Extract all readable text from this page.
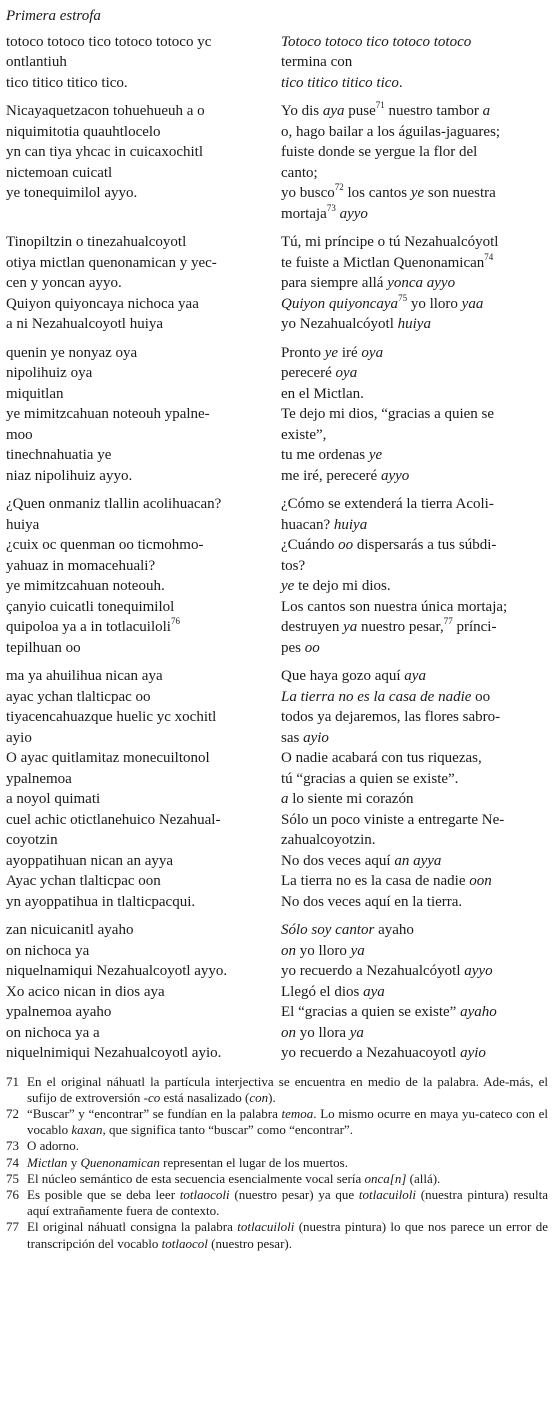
Primera estrofa
totoco totoco tico totoco totoco yc
ontlantiuh
tico titico titico tico.
Totoco totoco tico totoco totoco
termina con
tico titico titico tico.
Nicayaquetzacon tohuehueuh a o
niquimitotia quauhtlocelo
yn can tiya yhcac in cuicaxochitl
nictemoan cuicatl
ye tonequimilol ayyo.
Yo dis aya puse$^{71}$ nuestro tambor a
o, hago bailar a los águilas-jaguares;
fuiste donde se yergue la flor del
canto;
yo busco$^{72}$ los cantos ye son nuestra
mortaja$^{73}$ ayyo
Tinopiltzin o tinezahualcoyotl
otiya mictlan quenonamican y yec-
cen y yoncan ayyo.
Quiyon quiyoncaya nichoca yaa
a ni Nezahualcoyotl huiya
Tú, mi príncipe o tú Nezahualcóyotl
te fuiste a Mictlan Quenonamican$^{74}$
para siempre allá yonca ayyo
Quiyon quiyoncaya$^{75}$ yo lloro yaa
yo Nezahualcóyotl huiya
quenin ye nonyaz oya
nipolihuiz oya
miquitlan
ye mimitzcahuan noteouh ypalne-
moo
tinechnahuatia ye
niaz nipolihuiz ayyo.
Pronto ye iré oya
pereceré oya
en el Mictlan.
Te dejo mi dios, “gracias a quien se
existe”,
tu me ordenas ye
me iré, pereceré ayyo
¿Quen onmaniz tlallin acolihuacan?
huiya
¿cuix oc quenman oo ticmohmo-
yahuaz in momacehuali?
ye mimitzcahuan noteouh.
çanyio cuicatli tonequimilol
quipoloa ya a in totlacuiloli$^{76}$
tepilhuan oo
¿Cómo se extenderá la tierra Acoli-
huacan? huiya
¿Cuándo oo dispersarás a tus súbdi-
tos?
ye te dejo mi dios.
Los cantos son nuestra única mortaja;
destruyen ya nuestro pesar,$^{77}$ prínci-
pes oo
ma ya ahuilihua nican aya
ayac ychan tlalticpac oo
tiyacencahuazque huelic yc xochitl
ayio
O ayac quitlamitaz monecuiltonol
ypalnemoa
a noyol quimati
cuel achic otictlanehuico Nezahual-
coyotzin
ayoppatihuan nican an ayya
Ayac ychan tlalticpac oon
yn ayoppatihua in tlalticpacqui.
Que haya gozo aquí aya
La tierra no es la casa de nadie oo
todos ya dejaremos, las flores sabro-
sas ayio
O nadie acabará con tus riquezas,
tú “gracias a quien se existe”.
a lo siente mi corazón
Sólo un poco viniste a entregarte Ne-
zahualcoyotzin.
No dos veces aquí an ayya
La tierra no es la casa de nadie oon
No dos veces aquí en la tierra.
zan nicuicanitl ayaho
on nichoca ya
niquelnamiqui Nezahualcoyotl ayyo.
Xo acico nican in dios aya
ypalnemoa ayaho
on nichoca ya a
niquelnimiqui Nezahualcoyotl ayio.
Sólo soy cantor ayaho
on yo lloro ya
yo recuerdo a Nezahualcóyotl ayyo
Llegó el dios aya
El “gracias a quien se existe” ayaho
on yo llora ya
yo recuerdo a Nezahuacoyotl ayio
71 En el original náhuatl la partícula interjectiva se encuentra en medio de la palabra. Ade-más, el sufijo de extroversión -co está nasalizado (con).
72 “Buscar” y “encontrar” se fundían en la palabra temoa. Lo mismo ocurre en maya yu-cateco con el vocablo kaxan, que significa tanto “buscar” como “encontrar”.
73 O adorno.
74 Mictlan y Quenonamican representan el lugar de los muertos.
75 El núcleo semántico de esta secuencia esencialmente vocal sería onca[n] (allá).
76 Es posible que se deba leer totlaocoli (nuestro pesar) ya que totlacuiloli (nuestra pintura) resulta aquí extrañamente fuera de contexto.
77 El original náhuatl consigna la palabra totlacuiloli (nuestra pintura) lo que nos parece un error de transcripción del vocablo totlaocol (nuestro pesar).
